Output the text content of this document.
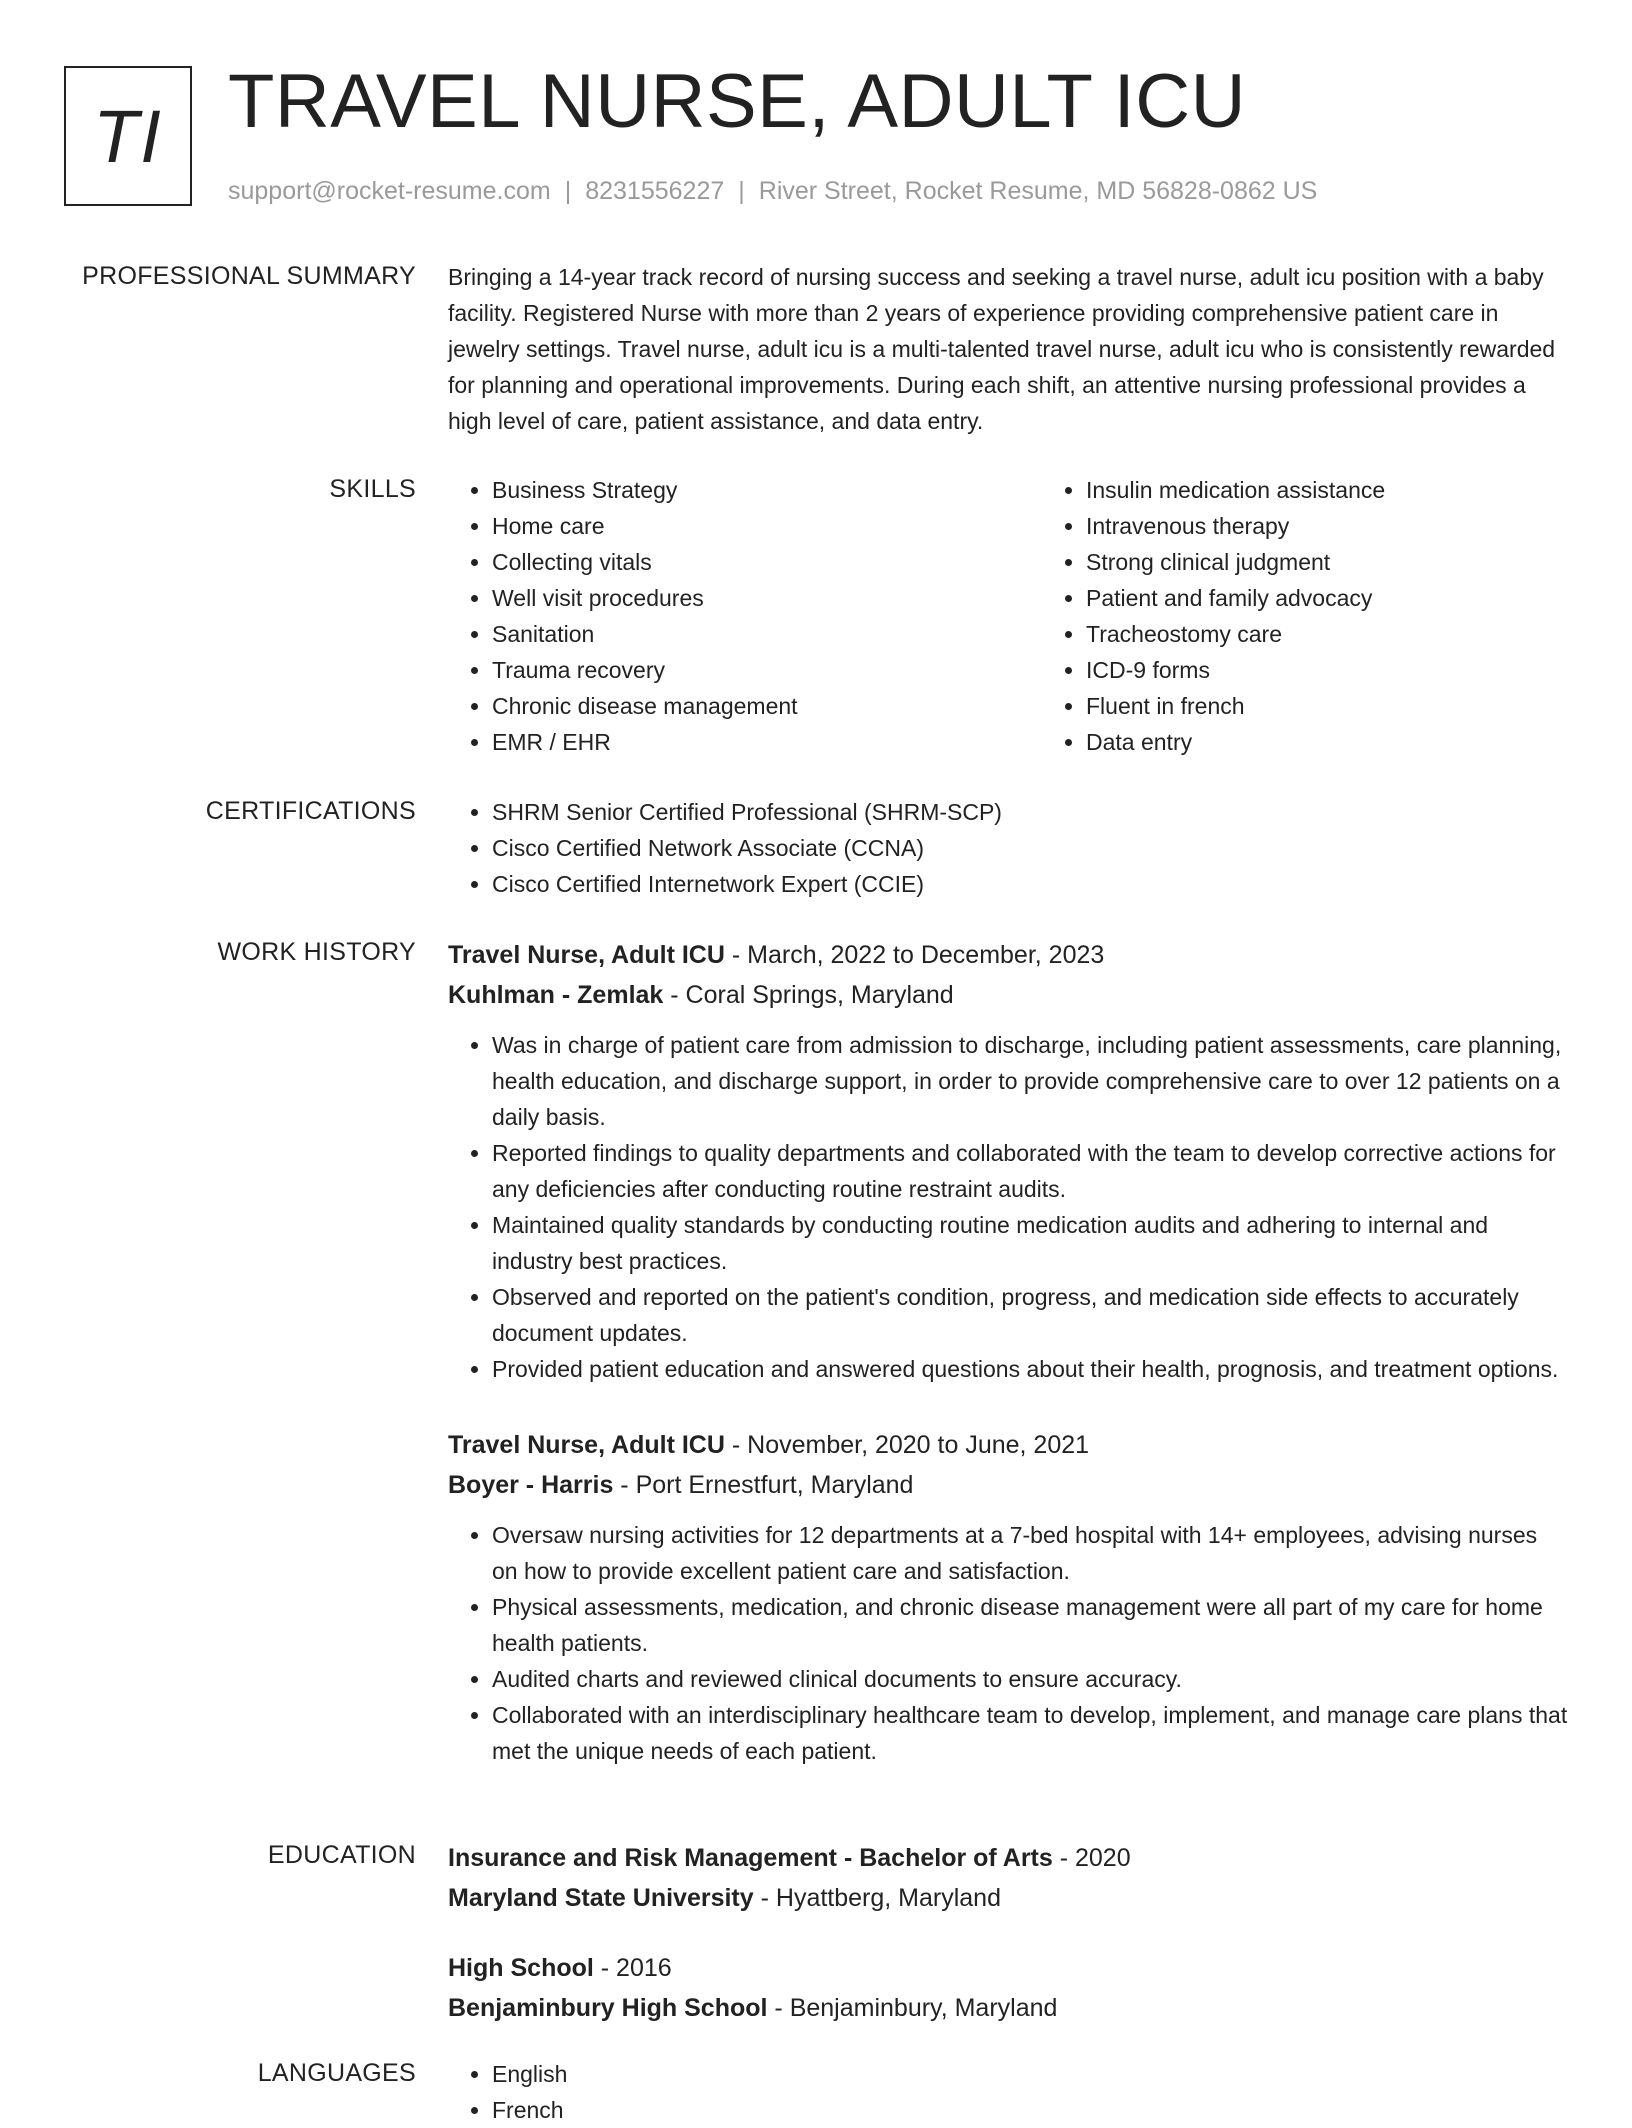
TI TRAVEL NURSE, ADULT ICU
support@rocket-resume.com | 8231556227 | River Street, Rocket Resume, MD 56828-0862 US
PROFESSIONAL SUMMARY Bringing a 14-year track record of nursing success and seeking a travel nurse, adult icu position with a baby facility. Registered Nurse with more than 2 years of experience providing comprehensive patient care in jewelry settings. Travel nurse, adult icu is a multi-talented travel nurse, adult icu who is consistently rewarded for planning and operational improvements. During each shift, an attentive nursing professional provides a high level of care, patient assistance, and data entry.

SKILLS	• Business Strategy
• Home care
• Collecting vitals
• Well visit procedures
• Sanitation
• Trauma recovery
• Chronic disease management
• EMR / EHR
• Insulin medication assistance
• Intravenous therapy
• Strong clinical judgment
• Patient and family advocacy
• Tracheostomy care
• ICD-9 forms
• Fluent in french
• Data entry
CERTIFICATIONS	• SHRM Senior Certified Professional (SHRM-SCP)
• Cisco Certified Network Associate (CCNA)
• Cisco Certified Internetwork Expert (CCIE)
WORK HISTORY Travel Nurse, Adult ICU - March, 2022 to December, 2023
Kuhlman - Zemlak - Coral Springs, Maryland
• Was in charge of patient care from admission to discharge, including patient assessments, care planning, health education, and discharge support, in order to provide comprehensive care to over 12 patients on a daily basis.
• Reported findings to quality departments and collaborated with the team to develop corrective actions for any deficiencies after conducting routine restraint audits.
• Maintained quality standards by conducting routine medication audits and adhering to internal and industry best practices.
• Observed and reported on the patient's condition, progress, and medication side effects to accurately document updates.
• Provided patient education and answered questions about their health, prognosis, and treatment options.
Travel Nurse, Adult ICU - November, 2020 to June, 2021
Boyer - Harris - Port Ernestfurt, Maryland
• Oversaw nursing activities for 12 departments at a 7-bed hospital with 14+ employees, advising nurses on how to provide excellent patient care and satisfaction.
• Physical assessments, medication, and chronic disease management were all part of my care for home health patients.
• Audited charts and reviewed clinical documents to ensure accuracy.
• Collaborated with an interdisciplinary healthcare team to develop, implement, and manage care plans that met the unique needs of each patient.
EDUCATION Insurance and Risk Management - Bachelor of Arts - 2020
Maryland State University - Hyattberg, Maryland
High School - 2016
Benjaminbury High School - Benjaminbury, Maryland
LANGUAGES	• English
• French
